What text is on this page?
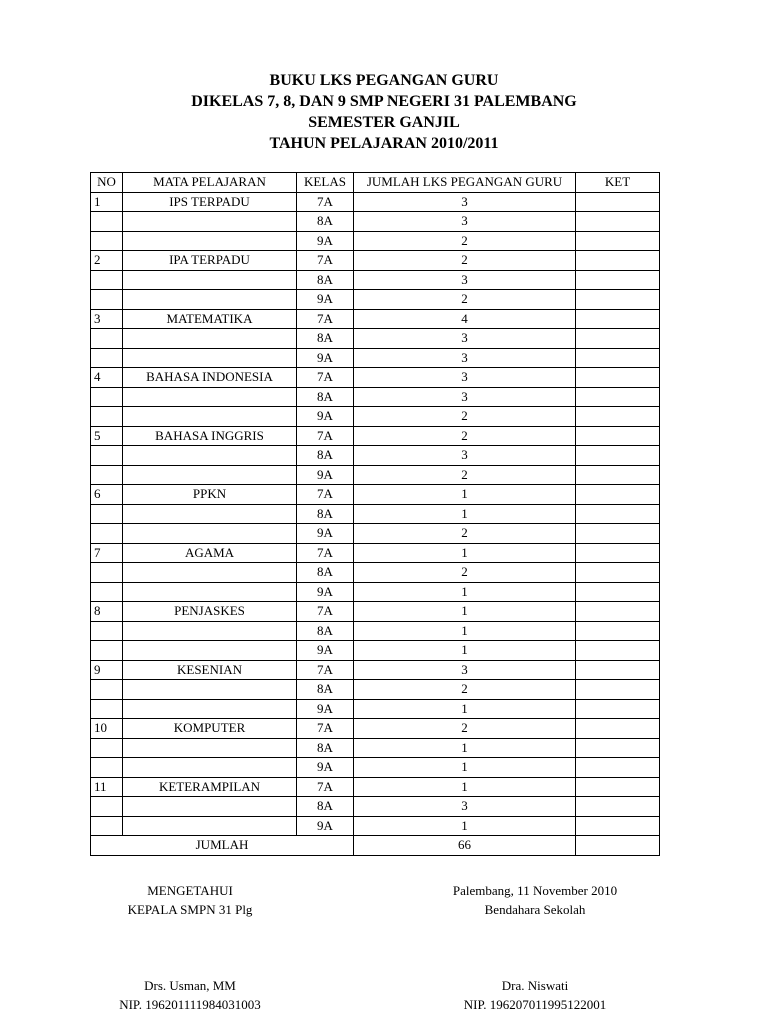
BUKU LKS PEGANGAN GURU
DIKELAS 7, 8, DAN 9 SMP NEGERI 31 PALEMBANG
SEMESTER GANJIL
TAHUN PELAJARAN 2010/2011
NO	MATA PELAJARAN	KELAS	JUMLAH LKS PEGANGAN GURU	KET
1	IPS TERPADU	7A	3	
		8A	3	
		9A	2	
2	IPA TERPADU	7A	2	
		8A	3	
		9A	2	
3	MATEMATIKA	7A	4	
		8A	3	
		9A	3	
4	BAHASA INDONESIA	7A	3	
		8A	3	
		9A	2	
5	BAHASA INGGRIS	7A	2	
		8A	3	
		9A	2	
6	PPKN	7A	1	
		8A	1	
		9A	2	
7	AGAMA	7A	1	
		8A	2	
		9A	1	
8	PENJASKES	7A	1	
		8A	1	
		9A	1	
9	KESENIAN	7A	3	
		8A	2	
		9A	1	
10	KOMPUTER	7A	2	
		8A	1	
		9A	1	
11	KETERAMPILAN	7A	1	
		8A	3	
		9A	1	
JUMLAH			66	
MENGETAHUI
KEPALA SMPN 31 Plg
Drs. Usman, MM
NIP. 196201111984031003
Palembang, 11 November 2010
Bendahara Sekolah
Dra. Niswati
NIP. 196207011995122001
